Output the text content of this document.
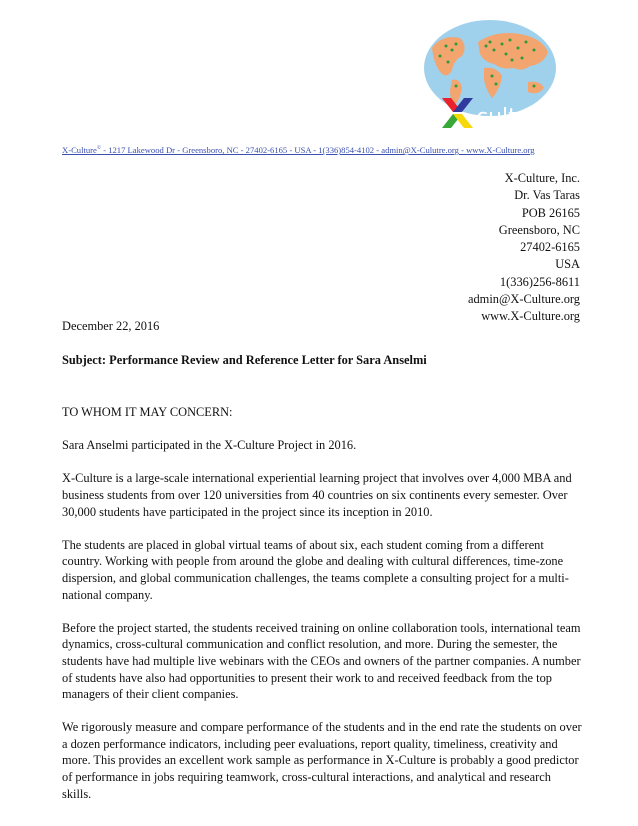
culture
X-Culture© - 1217 Lakewood Dr - Greensboro, NC - 27402-6165 - USA - 1(336)854-4102 - admin@X-Culutre.org - www.X-Culture.org
X-Culture, Inc.
Dr. Vas Taras
POB 26165
Greensboro, NC
27402-6165
USA
1(336)256-8611
admin@X-Culture.org
www.X-Culture.org
December 22, 2016
Subject: Performance Review and Reference Letter for Sara Anselmi

TO WHOM IT MAY CONCERN:

Sara Anselmi participated in the X-Culture Project in 2016.

X-Culture is a large-scale international experiential learning project that involves over 4,000 MBA and business students from over 120 universities from 40 countries on six continents every semester. Over 30,000 students have participated in the project since its inception in 2010.

The students are placed in global virtual teams of about six, each student coming from a different country. Working with people from around the globe and dealing with cultural differences, time-zone dispersion, and global communication challenges, the teams complete a consulting project for a multi-national company.

Before the project started, the students received training on online collaboration tools, international team dynamics, cross-cultural communication and conflict resolution, and more. During the semester, the students have had multiple live webinars with the CEOs and owners of the partner companies. A number of students have also had opportunities to present their work to and received feedback from the top managers of their client companies.

We rigorously measure and compare performance of the students and in the end rate the students on over a dozen performance indicators, including peer evaluations, report quality, timeliness, creativity and more. This provides an excellent work sample as performance in X-Culture is probably a good predictor of performance in jobs requiring teamwork, cross-cultural interactions, and analytical and research skills.
